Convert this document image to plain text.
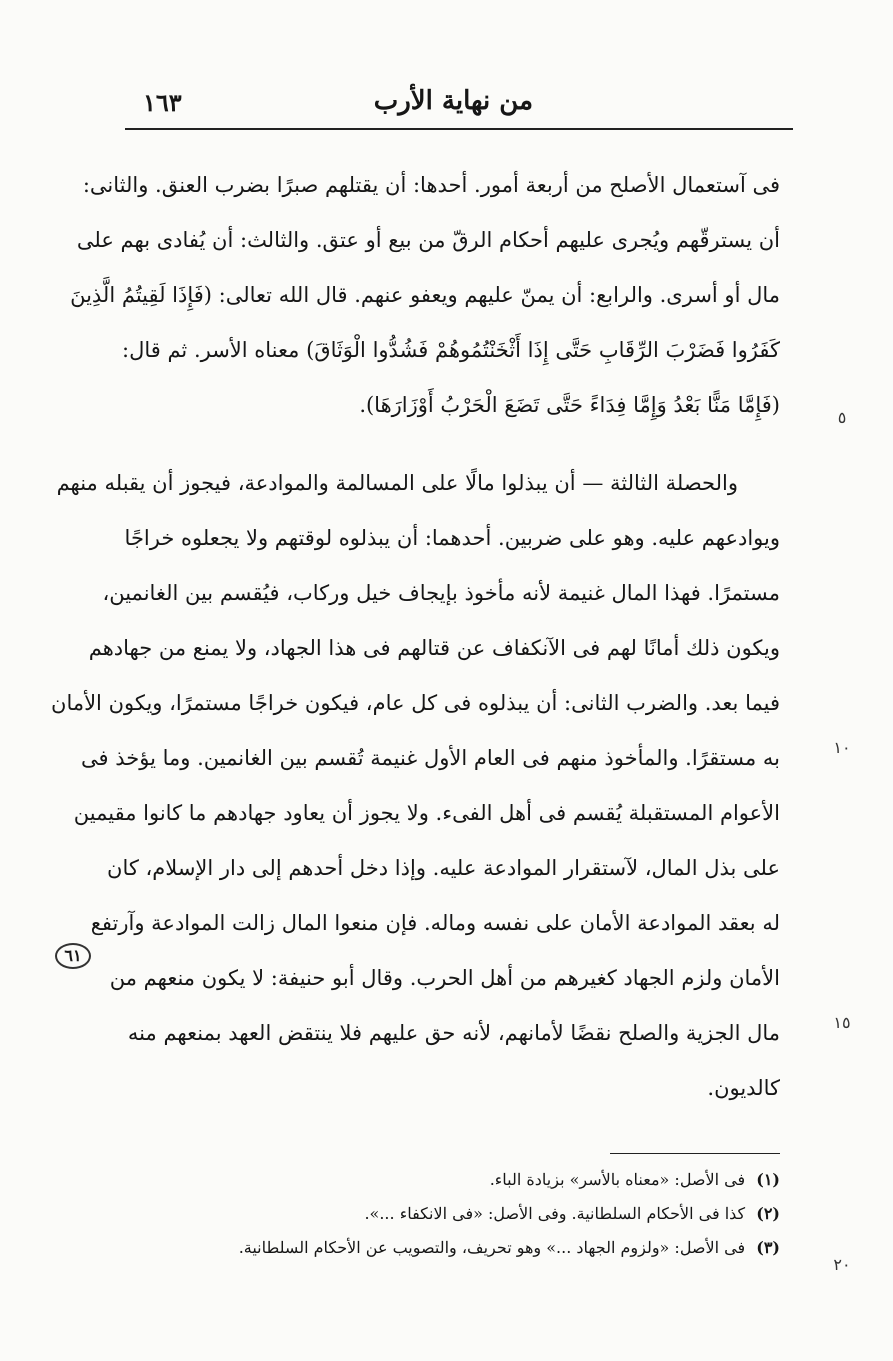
من نهاية الأرب
١٦٣
فى آستعمال الأصلح من أربعة أمور. أحدها: أن يقتلهم صبرًا بضرب العنق. والثانى:
أن يسترقّهم ويُجرى عليهم أحكام الرقّ من بيع أو عتق. والثالث: أن يُفادى بهم على
مال أو أسرى. والرابع: أن يمنّ عليهم ويعفو عنهم. قال الله تعالى: (فَإِذَا لَقِيتُمُ الَّذِينَ
كَفَرُوا فَضَرْبَ الرِّقَابِ حَتَّى إِذَا أَثْخَنْتُمُوهُمْ فَشُدُّوا الْوَثَاقَ) معناه الأسر. ثم قال:
(فَإِمَّا مَنًّا بَعْدُ وَإِمَّا فِدَاءً حَتَّى تَضَعَ الْحَرْبُ أَوْزَارَهَا).
والحصلة الثالثة — أن يبذلوا مالًا على المسالمة والموادعة، فيجوز أن يقبله منهم
ويوادعهم عليه. وهو على ضربين. أحدهما: أن يبذلوه لوقتهم ولا يجعلوه خراجًا
مستمرًا. فهذا المال غنيمة لأنه مأخوذ بإيجاف خيل وركاب، فيُقسم بين الغانمين،
ويكون ذلك أمانًا لهم فى الآنكفاف عن قتالهم فى هذا الجهاد، ولا يمنع من جهادهم
فيما بعد. والضرب الثانى: أن يبذلوه فى كل عام، فيكون خراجًا مستمرًا، ويكون الأمان
به مستقرًا. والمأخوذ منهم فى العام الأول غنيمة تُقسم بين الغانمين. وما يؤخذ فى
الأعوام المستقبلة يُقسم فى أهل الفىء. ولا يجوز أن يعاود جهادهم ما كانوا مقيمين
على بذل المال، لآستقرار الموادعة عليه. وإذا دخل أحدهم إلى دار الإسلام، كان
له بعقد الموادعة الأمان على نفسه وماله. فإن منعوا المال زالت الموادعة وآرتفع
الأمان ولزم الجهاد كغيرهم من أهل الحرب. وقال أبو حنيفة: لا يكون منعهم من
مال الجزية والصلح نقضًا لأمانهم، لأنه حق عليهم فلا ينتقض العهد بمنعهم منه
كالديون.
٥
١٠
١٥
٢٠
٦١
(١) فى الأصل: «معناه بالأسر» بزيادة الباء.
(٢) كذا فى الأحكام السلطانية. وفى الأصل: «فى الانكفاء ...».
(٣) فى الأصل: «ولزوم الجهاد ...» وهو تحريف، والتصويب عن الأحكام السلطانية.
